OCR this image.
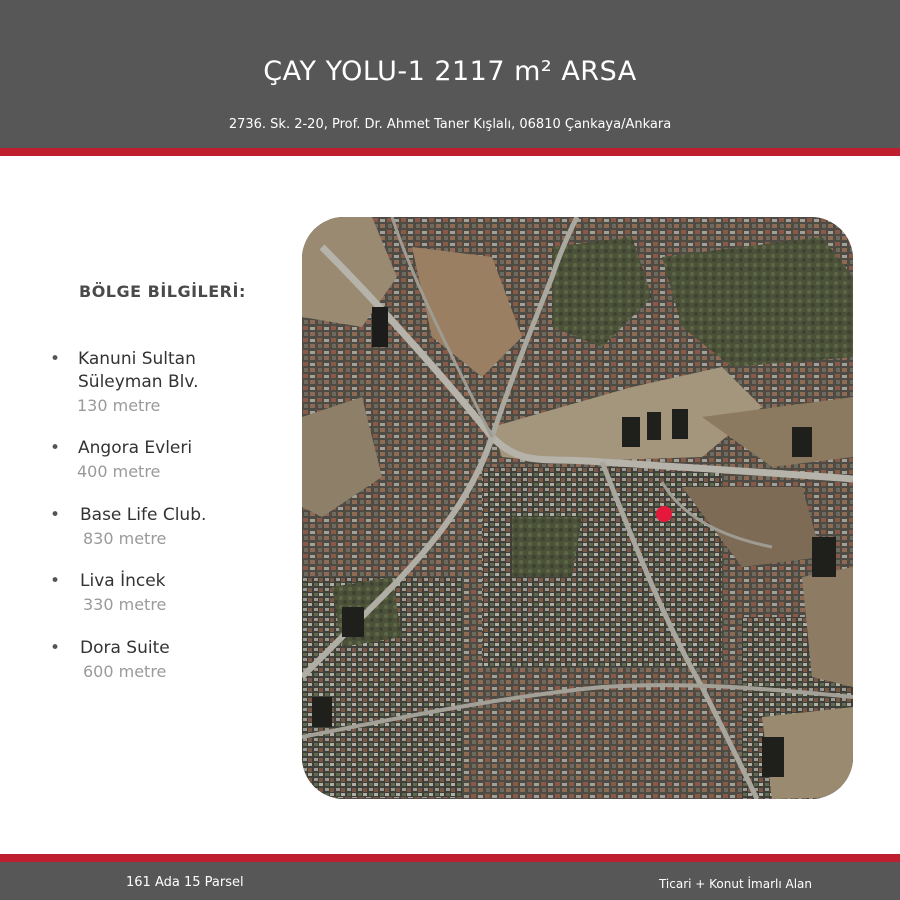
ÇAY YOLU-1 2117 m² ARSA
2736. Sk. 2-20, Prof. Dr. Ahmet Taner Kışlalı, 06810 Çankaya/Ankara
BÖLGE BİLGİLERİ:
• Kanuni Sultan Süleyman Blv.
130 metre
• Angora Evleri
400 metre
• Base Life Club.
830 metre
• Liva İncek
330 metre
• Dora Suite
600 metre
161 Ada 15 Parsel	Ticari + Konut İmarlı Alan
